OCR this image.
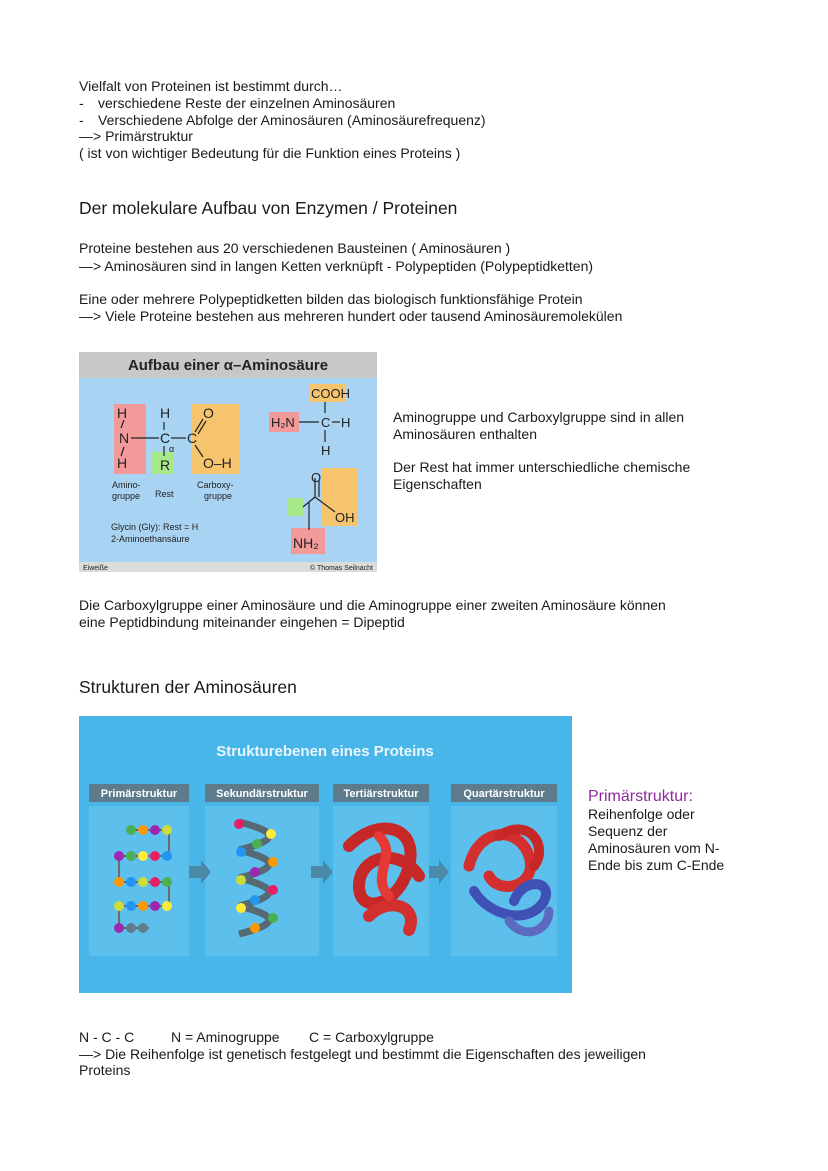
Vielfalt von Proteinen ist bestimmt durch…
- verschiedene Reste der einzelnen Aminosäuren
- Verschiedene Abfolge der Aminosäuren (Aminosäurefrequenz)
—> Primärstruktur
( ist von wichtiger Bedeutung für die Funktion eines Proteins )
Der molekulare Aufbau von Enzymen / Proteinen
Proteine bestehen aus 20 verschiedenen Bausteinen ( Aminosäuren )
—> Aminosäuren sind in langen Ketten verknüpft - Polypeptiden (Polypeptidketten)
Eine oder mehrere Polypeptidketten bilden das biologisch funktionsfähige Protein
—> Viele Proteine bestehen aus mehreren hundert oder tausend Aminosäuremolekülen
Aufbau einer α–Aminosäure
H
N
H
H
C
R
C
O
O–H
α
Amino-
gruppe Rest
Carboxy-
gruppe
Glycin (Gly): Rest = H
2-Aminoethansäure
COOH
H₂N C H
H
O
OH
NH₂
Eiweiße	© Thomas Seilnacht
Aminogruppe und Carboxylgruppe sind in allen
Aminosäuren enthalten
Der Rest hat immer unterschiedliche chemische
Eigenschaften
Die Carboxylgruppe einer Aminosäure und die Aminogruppe einer zweiten Aminosäure können
eine Peptidbindung miteinander eingehen = Dipeptid
Strukturen der Aminosäuren
Strukturebenen eines Proteins
Primärstruktur	Sekundärstruktur	Tertiärstruktur	Quartärstruktur	Primärstruktur:
Reihenfolge oder
Sequenz der
Aminosäuren vom N-
Ende bis zum C-Ende
N - C - C	N = Aminogruppe C = Carboxylgruppe
—> Die Reihenfolge ist genetisch festgelegt und bestimmt die Eigenschaften des jeweiligen
Proteins
